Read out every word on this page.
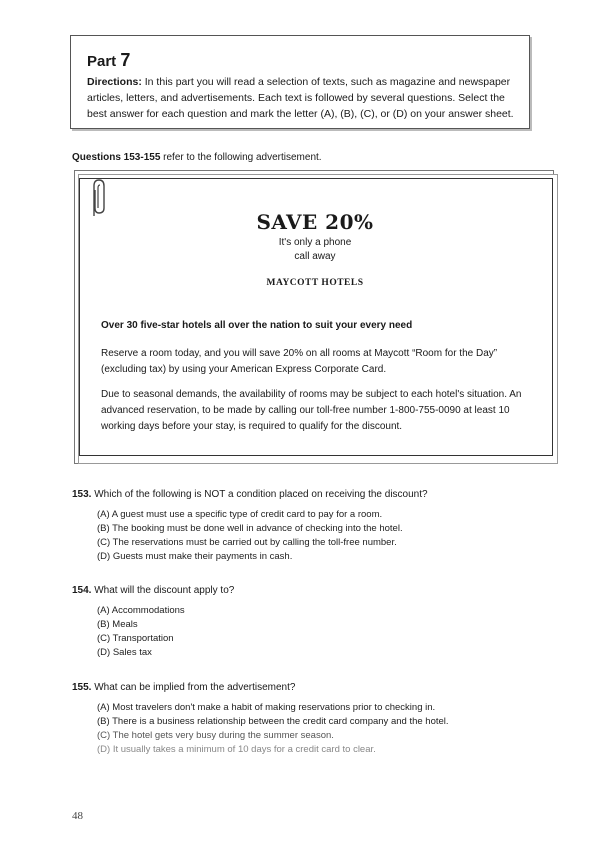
Part 7
Directions: In this part you will read a selection of texts, such as magazine and newspaper articles, letters, and advertisements. Each text is followed by several questions. Select the best answer for each question and mark the letter (A), (B), (C), or (D) on your answer sheet.
Questions 153-155 refer to the following advertisement.
SAVE 20%
It's only a phone
call away
MAYCOTT HOTELS
Over 30 five-star hotels all over the nation to suit your every need
Reserve a room today, and you will save 20% on all rooms at Maycott “Room for the Day” (excluding tax) by using your American Express Corporate Card.
Due to seasonal demands, the availability of rooms may be subject to each hotel's situation. An advanced reservation, to be made by calling our toll-free number 1-800-755-0090 at least 10 working days before your stay, is required to qualify for the discount.
153. Which of the following is NOT a condition placed on receiving the discount?
(A) A guest must use a specific type of credit card to pay for a room.
(B) The booking must be done well in advance of checking into the hotel.
(C) The reservations must be carried out by calling the toll-free number.
(D) Guests must make their payments in cash.
154. What will the discount apply to?
(A) Accommodations
(B) Meals
(C) Transportation
(D) Sales tax
155. What can be implied from the advertisement?
(A) Most travelers don't make a habit of making reservations prior to checking in.
(B) There is a business relationship between the credit card company and the hotel.
(C) The hotel gets very busy during the summer season.
(D) It usually takes a minimum of 10 days for a credit card to clear.
48
